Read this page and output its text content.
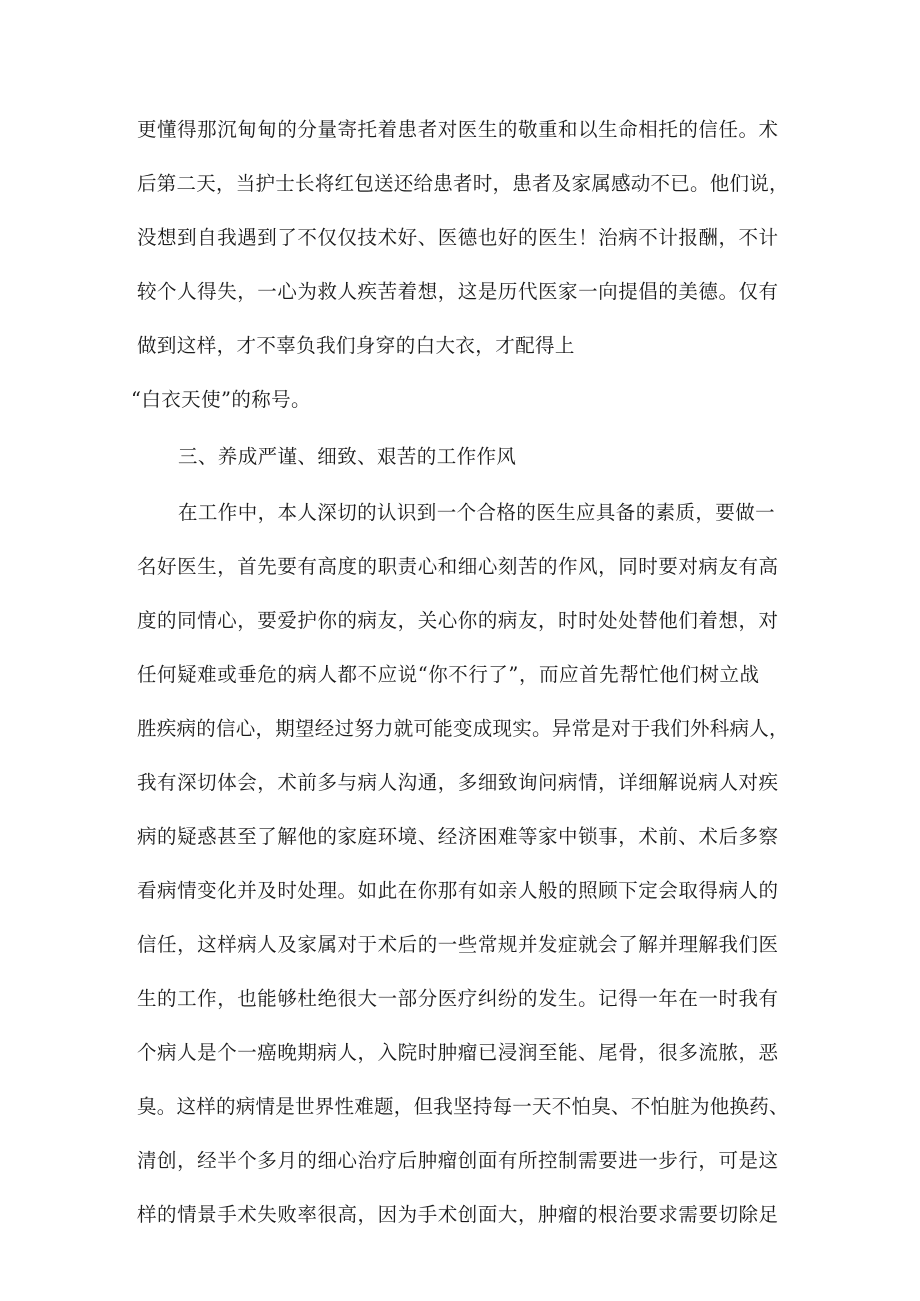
更懂得那沉甸甸的分量寄托着患者对医生的敬重和以生命相托的信任。术

后第二天，当护士长将红包送还给患者时，患者及家属感动不已。他们说，

没想到自我遇到了不仅仅技术好、医德也好的医生！治病不计报酬，不计

较个人得失，一心为救人疾苦着想，这是历代医家一向提倡的美德。仅有

做到这样，才不辜负我们身穿的白大衣，才配得上

“白衣天使”的称号。

三、养成严谨、细致、艰苦的工作作风

在工作中，本人深切的认识到一个合格的医生应具备的素质，要做一

名好医生，首先要有高度的职责心和细心刻苦的作风，同时要对病友有高

度的同情心，要爱护你的病友，关心你的病友，时时处处替他们着想，对

任何疑难或垂危的病人都不应说“你不行了”，而应首先帮忙他们树立战

胜疾病的信心，期望经过努力就可能变成现实。异常是对于我们外科病人，

我有深切体会，术前多与病人沟通，多细致询问病情，详细解说病人对疾

病的疑惑甚至了解他的家庭环境、经济困难等家中锁事，术前、术后多察

看病情变化并及时处理。如此在你那有如亲人般的照顾下定会取得病人的

信任，这样病人及家属对于术后的一些常规并发症就会了解并理解我们医

生的工作，也能够杜绝很大一部分医疗纠纷的发生。记得一年在一时我有

个病人是个一癌晚期病人，入院时肿瘤已浸润至能、尾骨，很多流脓，恶

臭。这样的病情是世界性难题，但我坚持每一天不怕臭、不怕脏为他换药、

清创，经半个多月的细心治疗后肿瘤创面有所控制需要进一步行，可是这

样的情景手术失败率很高，因为手术创面大，肿瘤的根治要求需要切除足
